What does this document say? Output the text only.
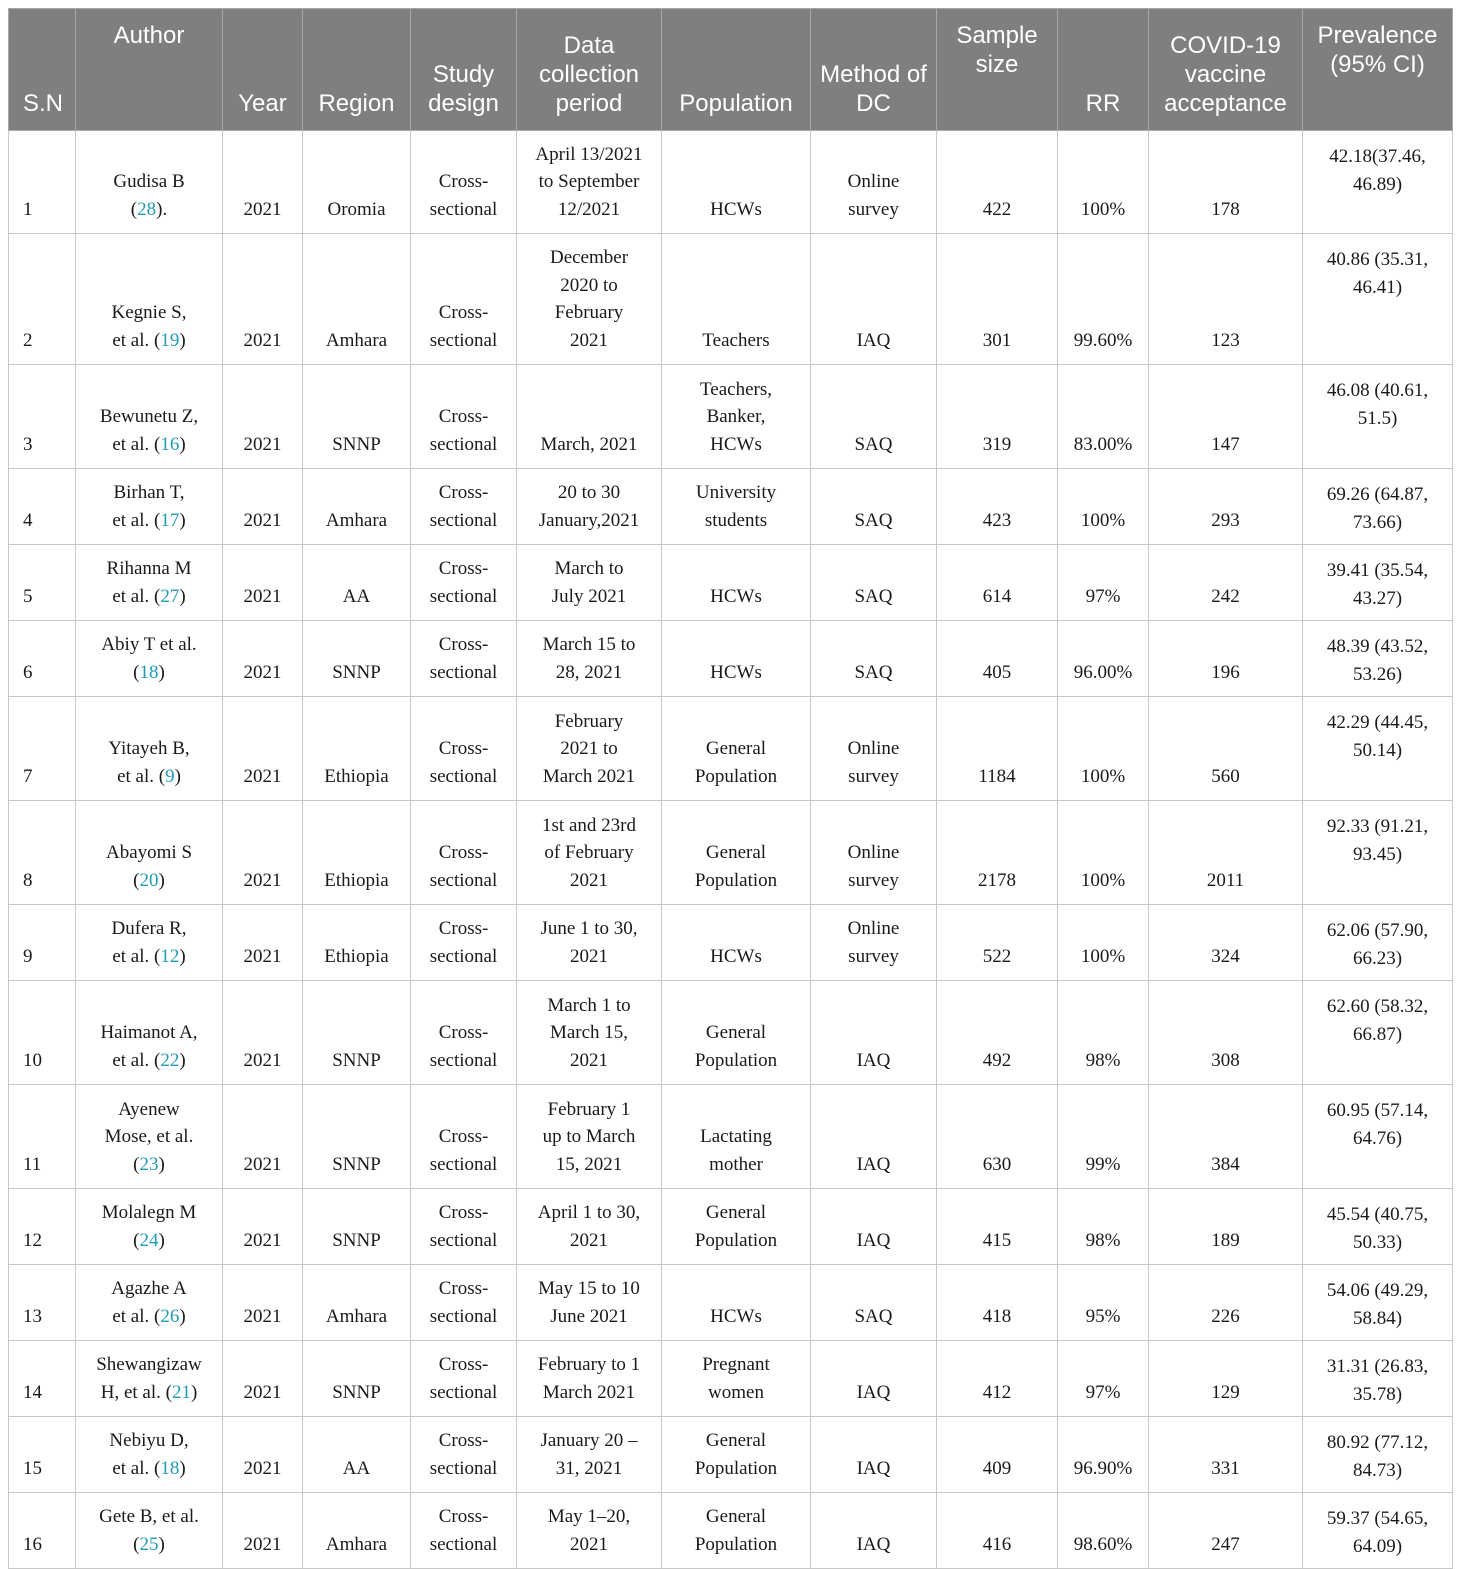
S.N	Author	Year	Region	Study design	Data collection period	Population	Method of DC	Sample size	RR	COVID-19 vaccine acceptance	Prevalence (95% CI)
1	Gudisa B
(28).	2021	Oromia	Cross-
sectional	April 13/2021
to September
12/2021	HCWs	Online
survey	422	100%	178	42.18(37.46,
46.89)

2	Kegnie S,
et al. (19)	2021	Amhara	Cross-
sectional	December
2020 to
February
2021	Teachers	IAQ	301	99.60%	123	40.86 (35.31,
46.41)

3	Bewunetu Z,
et al. (16)	2021	SNNP	Cross-
sectional	March, 2021	Teachers,
Banker,
HCWs	SAQ	319	83.00%	147	46.08 (40.61,
51.5)

4	Birhan T,
et al. (17)	2021	Amhara	Cross-
sectional	20 to 30
January,2021	University
students	SAQ	423	100%	293	69.26 (64.87,
73.66)

5	Rihanna M
et al. (27)	2021	AA	Cross-
sectional	March to
July 2021	HCWs	SAQ	614	97%	242	39.41 (35.54,
43.27)

6	Abiy T et al.
(18)	2021	SNNP	Cross-
sectional	March 15 to
28, 2021	HCWs	SAQ	405	96.00%	196	48.39 (43.52,
53.26)

7	Yitayeh B,
et al. (9)	2021	Ethiopia	Cross-
sectional	February
2021 to
March 2021	General
Population	Online
survey	1184	100%	560	42.29 (44.45,
50.14)

8	Abayomi S
(20)	2021	Ethiopia	Cross-
sectional	1st and 23rd
of February
2021	General
Population	Online
survey	2178	100%	2011	92.33 (91.21,
93.45)

9	Dufera R,
et al. (12)	2021	Ethiopia	Cross-
sectional	June 1 to 30,
2021	HCWs	Online
survey	522	100%	324	62.06 (57.90,
66.23)

10	Haimanot A,
et al. (22)	2021	SNNP	Cross-
sectional	March 1 to
March 15,
2021	General
Population	IAQ	492	98%	308	62.60 (58.32,
66.87)

11	Ayenew
Mose, et al.
(23)	2021	SNNP	Cross-
sectional	February 1
up to March
15, 2021	Lactating
mother	IAQ	630	99%	384	60.95 (57.14,
64.76)

12	Molalegn M
(24)	2021	SNNP	Cross-
sectional	April 1 to 30,
2021	General
Population	IAQ	415	98%	189	45.54 (40.75,
50.33)

13	Agazhe A
et al. (26)	2021	Amhara	Cross-
sectional	May 15 to 10
June 2021	HCWs	SAQ	418	95%	226	54.06 (49.29,
58.84)

14	Shewangizaw
H, et al. (21)	2021	SNNP	Cross-
sectional	February to 1
March 2021	Pregnant
women	IAQ	412	97%	129	31.31 (26.83,
35.78)

15	Nebiyu D,
et al. (18)	2021	AA	Cross-
sectional	January 20 –
31, 2021	General
Population	IAQ	409	96.90%	331	80.92 (77.12,
84.73)

16	Gete B, et al.
(25)	2021	Amhara	Cross-
sectional	May 1–20,
2021	General
Population	IAQ	416	98.60%	247	59.37 (54.65,
64.09)
